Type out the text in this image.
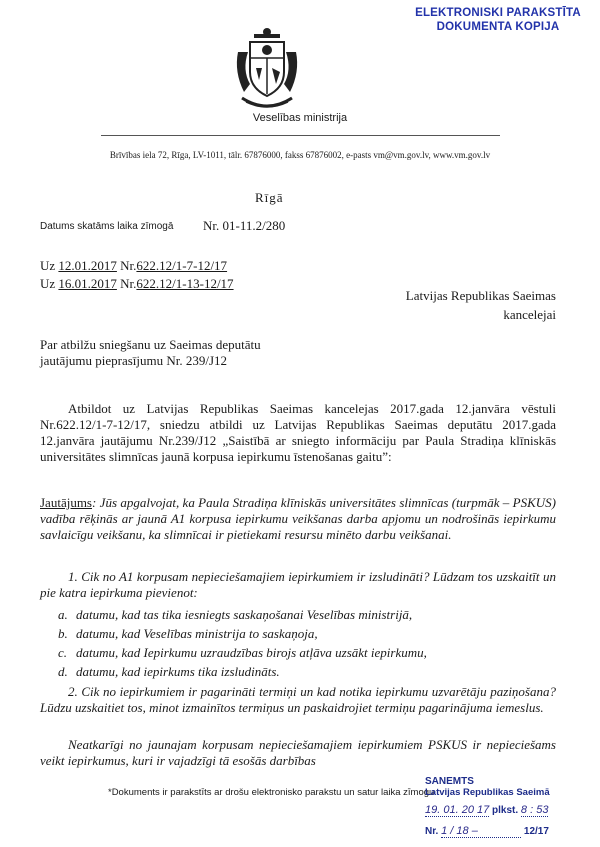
ELEKTRONISKI PARAKSTĪTA
DOKUMENTA KOPIJA
Veselības ministrija
Brīvības iela 72, Rīga, LV-1011, tālr. 67876000, fakss 67876002, e-pasts vm@vm.gov.lv, www.vm.gov.lv
Rīgā
Datums skatāms laika zīmogā Nr. 01-11.2/280
Uz 12.01.2017 Nr.622.12/1-7-12/17
Uz 16.01.2017 Nr.622.12/1-13-12/17
Latvijas Republikas Saeimas
kancelejai
Par atbilžu sniegšanu uz Saeimas deputātu
jautājumu pieprasījumu Nr. 239/J12
Atbildot uz Latvijas Republikas Saeimas kancelejas 2017.gada 12.janvāra vēstuli Nr.622.12/1-7-12/17, sniedzu atbildi uz Latvijas Republikas Saeimas deputātu 2017.gada 12.janvāra jautājumu Nr.239/J12 „Saistībā ar sniegto informāciju par Paula Stradiņa klīniskās universitātes slimnīcas jaunā korpusa iepirkumu īstenošanas gaitu”:
Jautājums: Jūs apgalvojat, ka Paula Stradiņa klīniskās universitātes slimnīcas (turpmāk – PSKUS) vadība rēķinās ar jaunā A1 korpusa iepirkumu veikšanas darba apjomu un nodrošinās iepirkumu savlaicīgu veikšanu, ka slimnīcai ir pietiekami resursu minēto darbu veikšanai.
1. Cik no A1 korpusam nepieciešamajiem iepirkumiem ir izsludināti? Lūdzam tos uzskaitīt un pie katra iepirkuma pievienot:
a. datumu, kad tas tika iesniegts saskaņošanai Veselības ministrijā,
b. datumu, kad Veselības ministrija to saskaņoja,
c. datumu, kad Iepirkumu uzraudzības birojs atļāva uzsākt iepirkumu,
d. datumu, kad iepirkums tika izsludināts.
2. Cik no iepirkumiem ir pagarināti termiņi un kad notika iepirkumu uzvarētāju paziņošana? Lūdzu uzskaitiet tos, minot izmainītos termiņus un paskaidrojiet termiņu pagarinājuma iemeslus.
Neatkarīgi no jaunajam korpusam nepieciešamajiem iepirkumiem PSKUS ir nepieciešams veikt iepirkumus, kuri ir vajadzīgi tā esošās darbības
*Dokuments ir parakstīts ar drošu elektronisko parakstu un satur laika zīmogu
SANEMTS
Latvijas Republikas Saeimā
19. 01. 20 17 plkst. 8 : 53
Nr. 1 / 18 –	12/17
